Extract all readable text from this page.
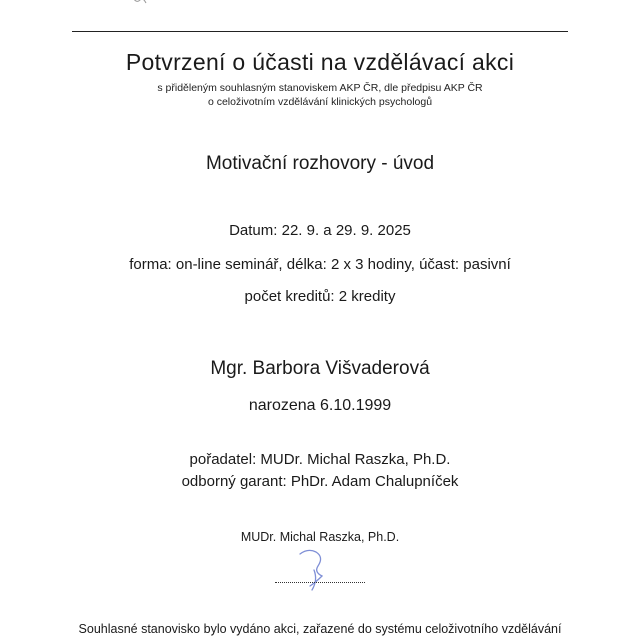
Potvrzení o účasti na vzdělávací akci
s přiděleným souhlasným stanoviskem AKP ČR, dle předpisu AKP ČR
o celoživotním vzdělávání klinických psychologů
Motivační rozhovory - úvod
Datum: 22. 9. a 29. 9. 2025
forma: on-line seminář, délka: 2 x 3 hodiny, účast: pasivní
počet kreditů: 2 kredity
Mgr. Barbora Višvaderová
narozena 6.10.1999
pořadatel: MUDr. Michal Raszka, Ph.D.
odborný garant: PhDr. Adam Chalupníček
MUDr. Michal Raszka, Ph.D.
Souhlasné stanovisko bylo vydáno akci, zařazené do systému celoživotního vzdělávání
